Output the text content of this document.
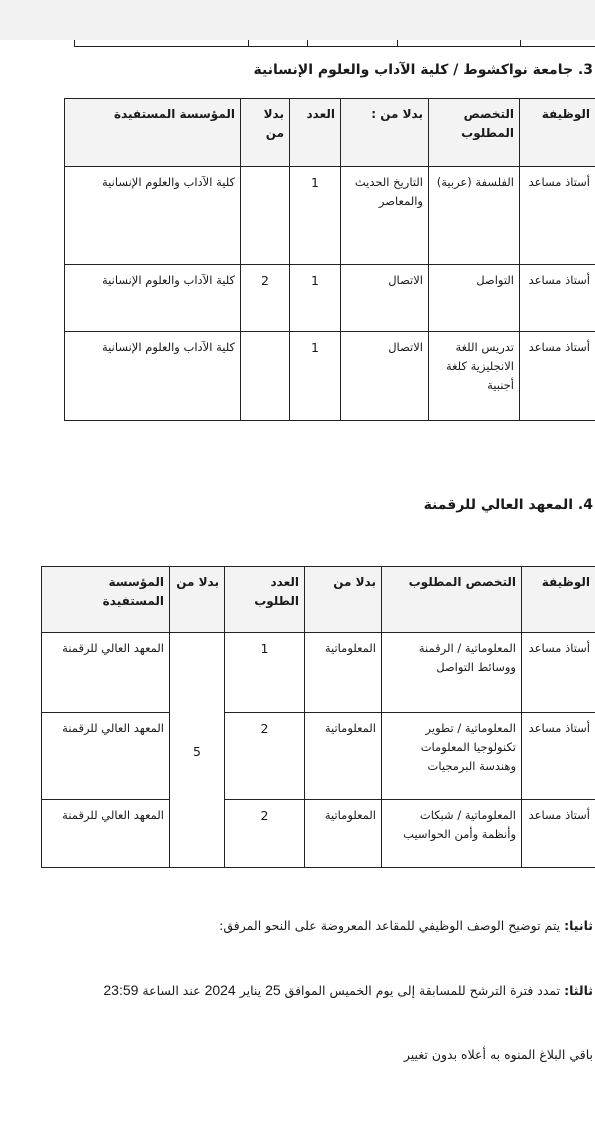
3. جامعة نواكشوط / كلية الآداب والعلوم الإنسانية
الوظيفة	التخصص المطلوب	بدلا من :	العدد	بدلا من	المؤسسة المستفيدة
أستاذ مساعد	الفلسفة (عربية)	التاريخ الحديث والمعاصر	1		كلية الآداب والعلوم الإنسانية
أستاذ مساعد	التواصل	الاتصال	1	2	كلية الآداب والعلوم الإنسانية
أستاذ مساعد	تدريس اللغة الانجليزية كلغة أجنبية	الاتصال	1		كلية الآداب والعلوم الإنسانية
4. المعهد العالي للرقمنة
الوظيفة	التخصص المطلوب	بدلا من	العدد الطلوب	بدلا من	المؤسسة المستفيدة
أستاذ مساعد	المعلوماتية / الرقمنة ووسائط التواصل	المعلوماتية	1	5	المعهد العالي للرقمنة
أستاذ مساعد	المعلوماتية / تطوير تكنولوجيا المعلومات وهندسة البرمجيات	المعلوماتية	2		المعهد العالي للرقمنة
أستاذ مساعد	المعلوماتية / شبكات وأنظمة وأمن الحواسيب	المعلوماتية	2		المعهد العالي للرقمنة
ثانيا: يتم توضيح الوصف الوظيفي للمقاعد المعروضة على النحو المرفق:
ثالثا: تمدد فترة الترشح للمسابقة إلى يوم الخميس الموافق 25 يناير 2024 عند الساعة 23:59
باقي البلاغ المنوه به أعلاه بدون تغيير
